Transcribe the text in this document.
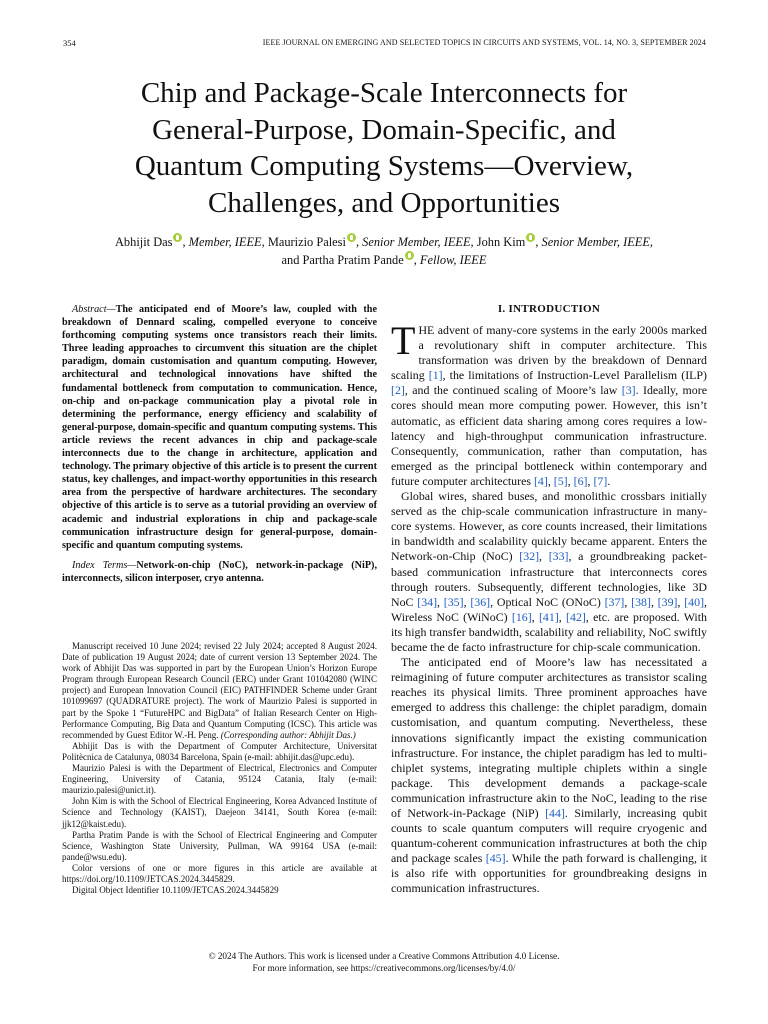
354	IEEE JOURNAL ON EMERGING AND SELECTED TOPICS IN CIRCUITS AND SYSTEMS, VOL. 14, NO. 3, SEPTEMBER 2024
Chip and Package-Scale Interconnects for
General-Purpose, Domain-Specific, and
Quantum Computing Systems—Overview,
Challenges, and Opportunities
Abhijit Das , Member, IEEE, Maurizio Palesi , Senior Member, IEEE, John Kim , Senior Member, IEEE,
and Partha Pratim Pande , Fellow, IEEE

Abstract—The anticipated end of Moore’s law, coupled with the breakdown of Dennard scaling, compelled everyone to conceive forthcoming computing systems once transistors reach their limits. Three leading approaches to circumvent this situation are the chiplet paradigm, domain customisation and quantum computing. However, architectural and technological innovations have shifted the fundamental bottleneck from computation to communication. Hence, on-chip and on-package communication play a pivotal role in determining the performance, energy efficiency and scalability of general-purpose, domain-specific and quantum computing systems. This article reviews the recent advances in chip and package-scale interconnects due to the change in architecture, application and technology. The primary objective of this article is to present the current status, key challenges, and impact-worthy opportunities in this research area from the perspective of hardware architectures. The secondary objective of this article is to serve as a tutorial providing an overview of academic and industrial explorations in chip and package-scale communication infrastructure design for general-purpose, domain-specific and quantum computing systems.

Index Terms—Network-on-chip (NoC), network-in-package (NiP), interconnects, silicon interposer, cryo antenna.

Manuscript received 10 June 2024; revised 22 July 2024; accepted 8 August 2024. Date of publication 19 August 2024; date of current version 13 September 2024. The work of Abhijit Das was supported in part by the European Union’s Horizon Europe Program through European Research Council (ERC) under Grant 101042080 (WINC project) and European Innovation Council (EIC) PATHFINDER Scheme under Grant 101099697 (QUADRATURE project). The work of Maurizio Palesi is supported in part by the Spoke 1 “FutureHPC and BigData” of Italian Research Center on High-Performance Computing, Big Data and Quantum Computing (ICSC). This article was recommended by Guest Editor W.-H. Peng. (Corresponding author: Abhijit Das.)

Abhijit Das is with the Department of Computer Architecture, Universitat Politècnica de Catalunya, 08034 Barcelona, Spain (e-mail: abhijit.das@upc.edu).

Maurizio Palesi is with the Department of Electrical, Electronics and Computer Engineering, University of Catania, 95124 Catania, Italy (e-mail: maurizio.palesi@unict.it).

John Kim is with the School of Electrical Engineering, Korea Advanced Institute of Science and Technology (KAIST), Daejeon 34141, South Korea (e-mail: jjk12@kaist.edu).

Partha Pratim Pande is with the School of Electrical Engineering and Computer Science, Washington State University, Pullman, WA 99164 USA (e-mail: pande@wsu.edu).

Color versions of one or more figures in this article are available at https://doi.org/10.1109/JETCAS.2024.3445829.

Digital Object Identifier 10.1109/JETCAS.2024.3445829

I. INTRODUCTION

THE advent of many-core systems in the early 2000s marked a revolutionary shift in computer architecture. This transformation was driven by the breakdown of Dennard scaling [1], the limitations of Instruction-Level Parallelism (ILP) [2], and the continued scaling of Moore’s law [3]. Ideally, more cores should mean more computing power. However, this isn’t automatic, as efficient data sharing among cores requires a low-latency and high-throughput communication infrastructure. Consequently, communication, rather than computation, has emerged as the principal bottleneck within contemporary and future computer architectures [4], [5], [6], [7].

Global wires, shared buses, and monolithic crossbars initially served as the chip-scale communication infrastructure in many-core systems. However, as core counts increased, their limitations in bandwidth and scalability quickly became apparent. Enters the Network-on-Chip (NoC) [32], [33], a groundbreaking packet-based communication infrastructure that interconnects cores through routers. Subsequently, different technologies, like 3D NoC [34], [35], [36], Optical NoC (ONoC) [37], [38], [39], [40], Wireless NoC (WiNoC) [16], [41], [42], etc. are proposed. With its high transfer bandwidth, scalability and reliability, NoC swiftly became the de facto infrastructure for chip-scale communication.

The anticipated end of Moore’s law has necessitated a reimagining of future computer architectures as transistor scaling reaches its physical limits. Three prominent approaches have emerged to address this challenge: the chiplet paradigm, domain customisation, and quantum computing. Nevertheless, these innovations significantly impact the existing communication infrastructure. For instance, the chiplet paradigm has led to multi-chiplet systems, integrating multiple chiplets within a single package. This development demands a package-scale communication infrastructure akin to the NoC, leading to the rise of Network-in-Package (NiP) [44]. Similarly, increasing qubit counts to scale quantum computers will require cryogenic and quantum-coherent communication infrastructures at both the chip and package scales [45]. While the path forward is challenging, it is also rife with opportunities for groundbreaking designs in communication infrastructures.

© 2024 The Authors. This work is licensed under a Creative Commons Attribution 4.0 License.
For more information, see https://creativecommons.org/licenses/by/4.0/
